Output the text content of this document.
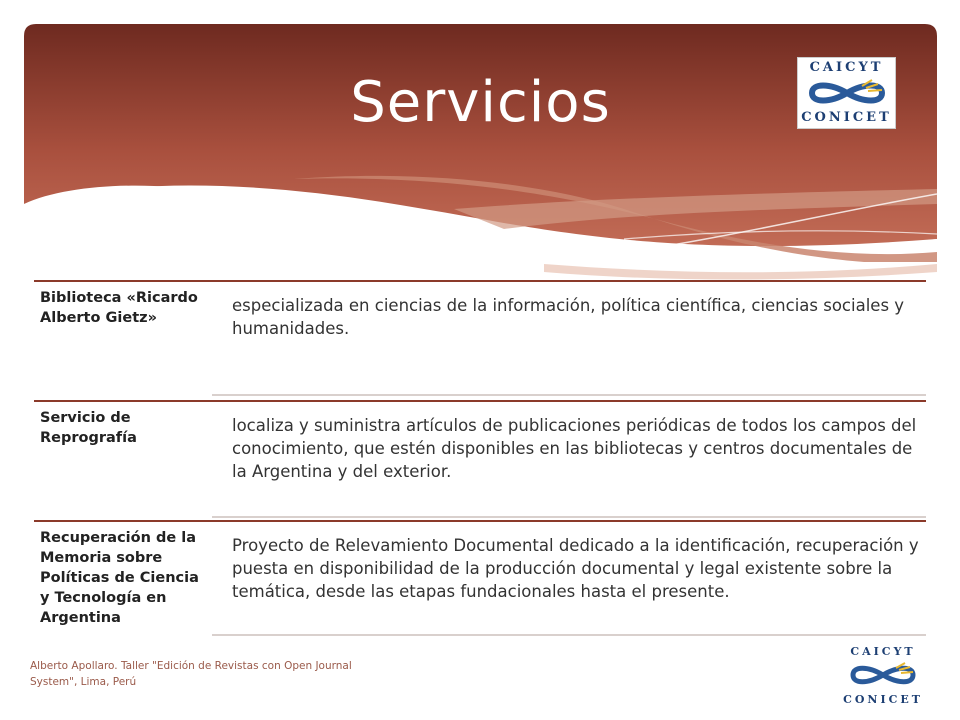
Servicios
CAICYT
CONICET
Biblioteca «Ricardo Alberto Gietz»
especializada en ciencias de la información, política científica, ciencias sociales y humanidades.
Servicio de Reprografía
localiza y suministra artículos de publicaciones periódicas de todos los campos del conocimiento, que estén disponibles en las bibliotecas y centros documentales de la Argentina y del exterior.
Recuperación de la Memoria sobre Políticas de Ciencia y Tecnología en Argentina
Proyecto de Relevamiento Documental dedicado a la identificación, recuperación y puesta en disponibilidad de la producción documental y legal existente sobre la temática, desde las etapas fundacionales hasta el presente.
Alberto Apollaro. Taller "Edición de Revistas con Open Journal System", Lima, Perú
CAICYT
CONICET
